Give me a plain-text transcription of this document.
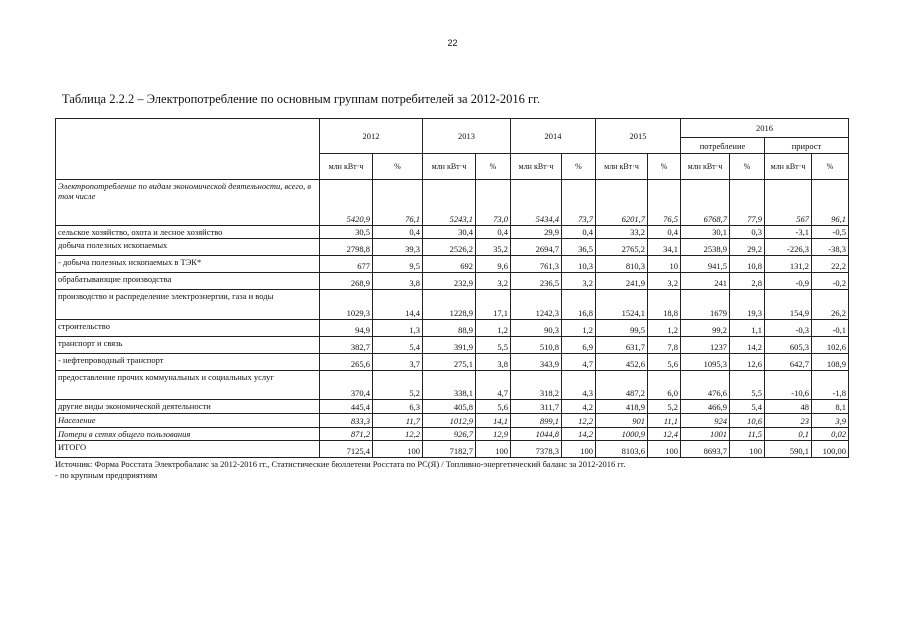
22
Таблица 2.2.2 – Электропотребление по основным группам потребителей за 2012-2016 гг.
	2012		2013		2014		2015		2016			
									потребление		прирост	
	млн кВт·ч	%	млн кВт·ч	%	млн кВт·ч	%	млн кВт·ч	%	млн кВт·ч	%	млн кВт·ч	%
Электропотребление по видам экономической деятельности, всего, в том числе	5420,9	76,1	5243,1	73,0	5434,4	73,7	6201,7	76,5	6768,7	77,9	567	96,1
сельское хозяйство, охота и лесное хозяйство	30,5	0,4	30,4	0,4	29,9	0,4	33,2	0,4	30,1	0,3	-3,1	-0,5
добыча полезных ископаемых	2798,8	39,3	2526,2	35,2	2694,7	36,5	2765,2	34,1	2538,9	29,2	-226,3	-38,3
- добыча полезных ископаемых в ТЭК*	677	9,5	692	9,6	761,3	10,3	810,3	10	941,5	10,8	131,2	22,2
обрабатывающие производства	268,9	3,8	232,9	3,2	236,5	3,2	241,9	3,2	241	2,8	-0,9	-0,2
производство и распределение электроэнергии, газа и воды	1029,3	14,4	1228,9	17,1	1242,3	16,8	1524,1	18,8	1679	19,3	154,9	26,2
строительство	94,9	1,3	88,9	1,2	90,3	1,2	99,5	1,2	99,2	1,1	-0,3	-0,1
транспорт и связь	382,7	5,4	391,9	5,5	510,8	6,9	631,7	7,8	1237	14,2	605,3	102,6
- нефтепроводный транспорт	265,6	3,7	275,1	3,8	343,9	4,7	452,6	5,6	1095,3	12,6	642,7	108,9
предоставление прочих коммунальных и социальных услуг	370,4	5,2	338,1	4,7	318,2	4,3	487,2	6,0	476,6	5,5	-10,6	-1,8
другие виды экономической деятельности	445,4	6,3	405,8	5,6	311,7	4,2	418,9	5,2	466,9	5,4	48	8,1
Население	833,3	11,7	1012,9	14,1	899,1	12,2	901	11,1	924	10,6	23	3,9
Потери в сетях общего пользования	871,2	12,2	926,7	12,9	1044,8	14,2	1000,9	12,4	1001	11,5	0,1	0,02
ИТОГО	7125,4	100	7182,7	100	7378,3	100	8103,6	100	8693,7	100	590,1	100,00
Источник: Форма Росстата Электробаланс за 2012-2016 гг., Статистические бюллетени Росстата по РС(Я) / Топливно-энергетический баланс за 2012-2016 гг.
- по крупным предприятиям
